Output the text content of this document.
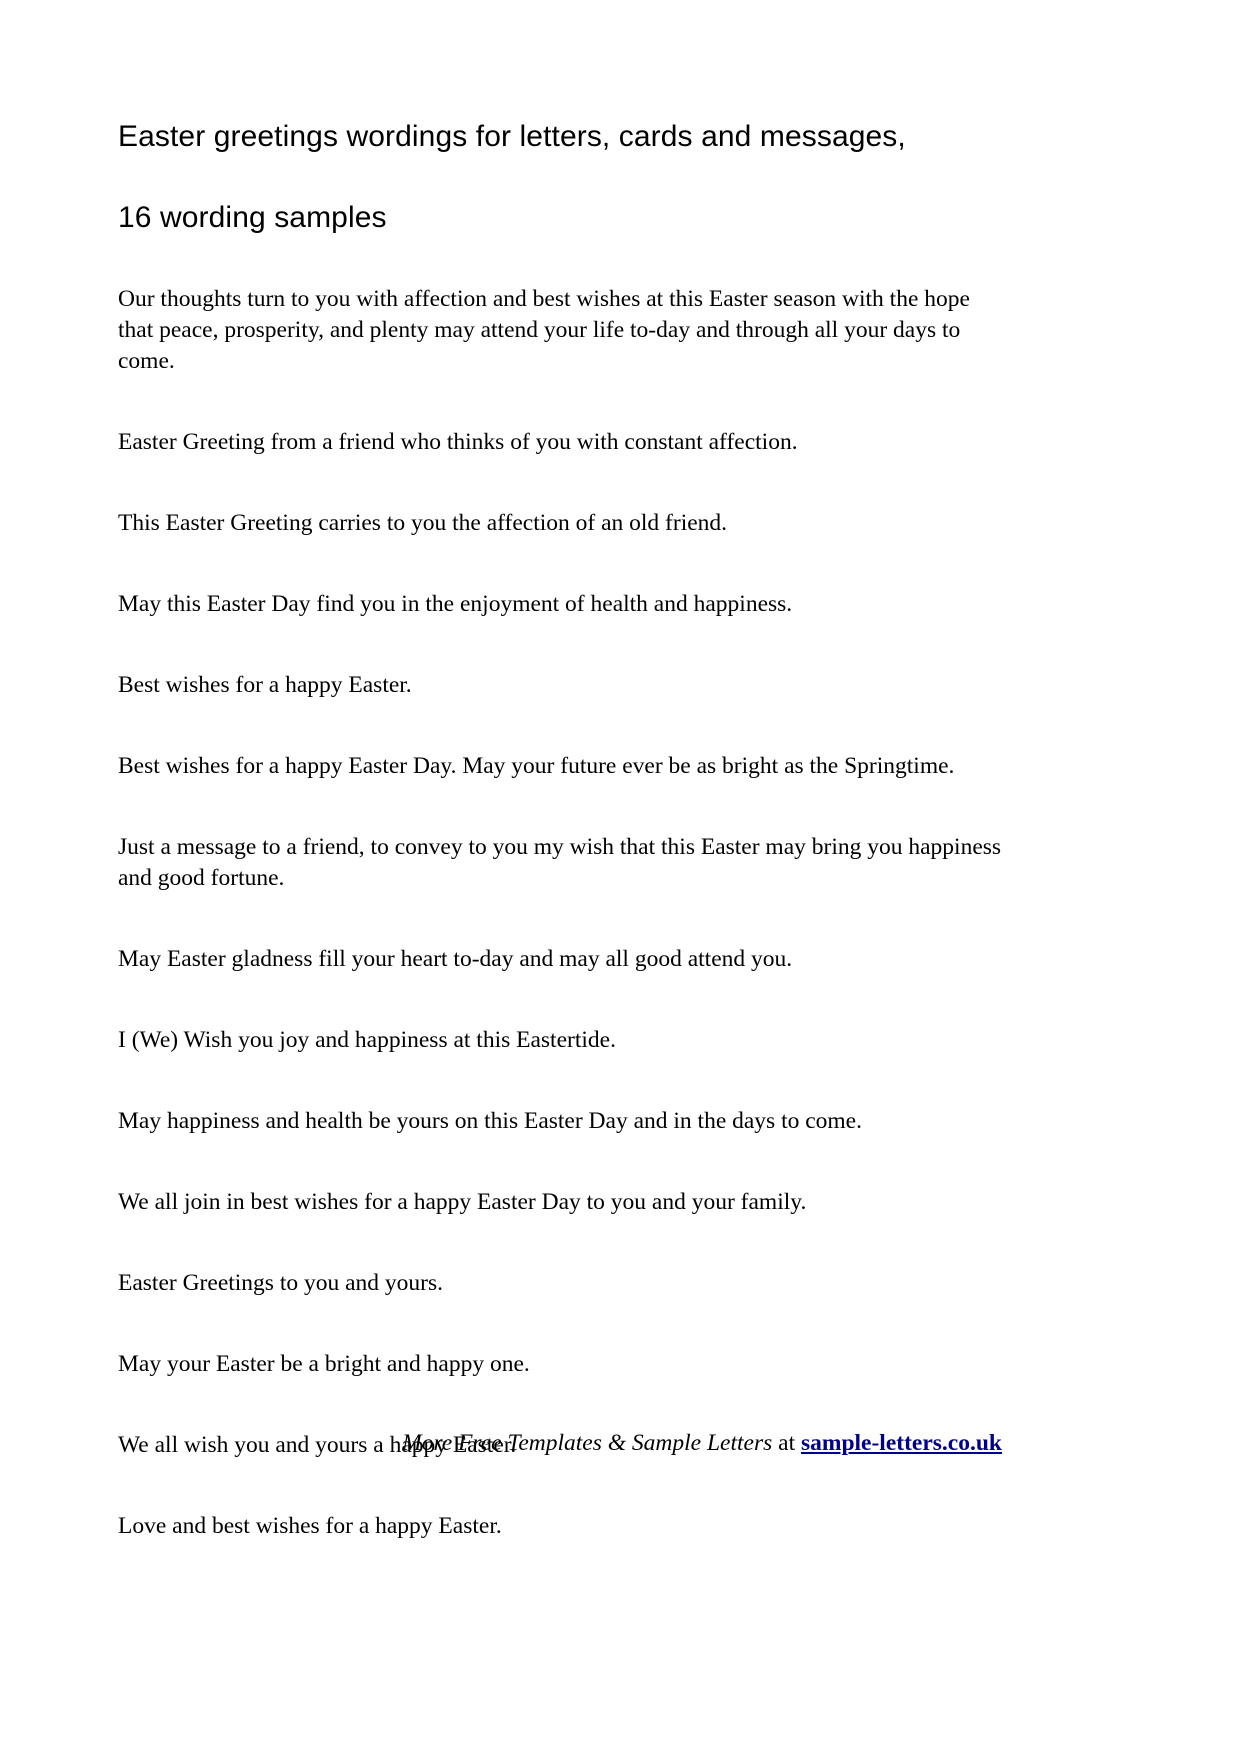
Easter greetings wordings for letters, cards and messages,
16 wording samples

Our thoughts turn to you with affection and best wishes at this Easter season with the hope that peace, prosperity, and plenty may attend your life to-day and through all your days to come.

Easter Greeting from a friend who thinks of you with constant affection.

This Easter Greeting carries to you the affection of an old friend.

May this Easter Day find you in the enjoyment of health and happiness.

Best wishes for a happy Easter.

Best wishes for a happy Easter Day. May your future ever be as bright as the Springtime.

Just a message to a friend, to convey to you my wish that this Easter may bring you happiness and good fortune.

May Easter gladness fill your heart to-day and may all good attend you.

I (We) Wish you joy and happiness at this Eastertide.

May happiness and health be yours on this Easter Day and in the days to come.

We all join in best wishes for a happy Easter Day to you and your family.

Easter Greetings to you and yours.

May your Easter be a bright and happy one.

We all wish you and yours a happy Easter.

Love and best wishes for a happy Easter.

More Free Templates & Sample Letters at sample-letters.co.uk
